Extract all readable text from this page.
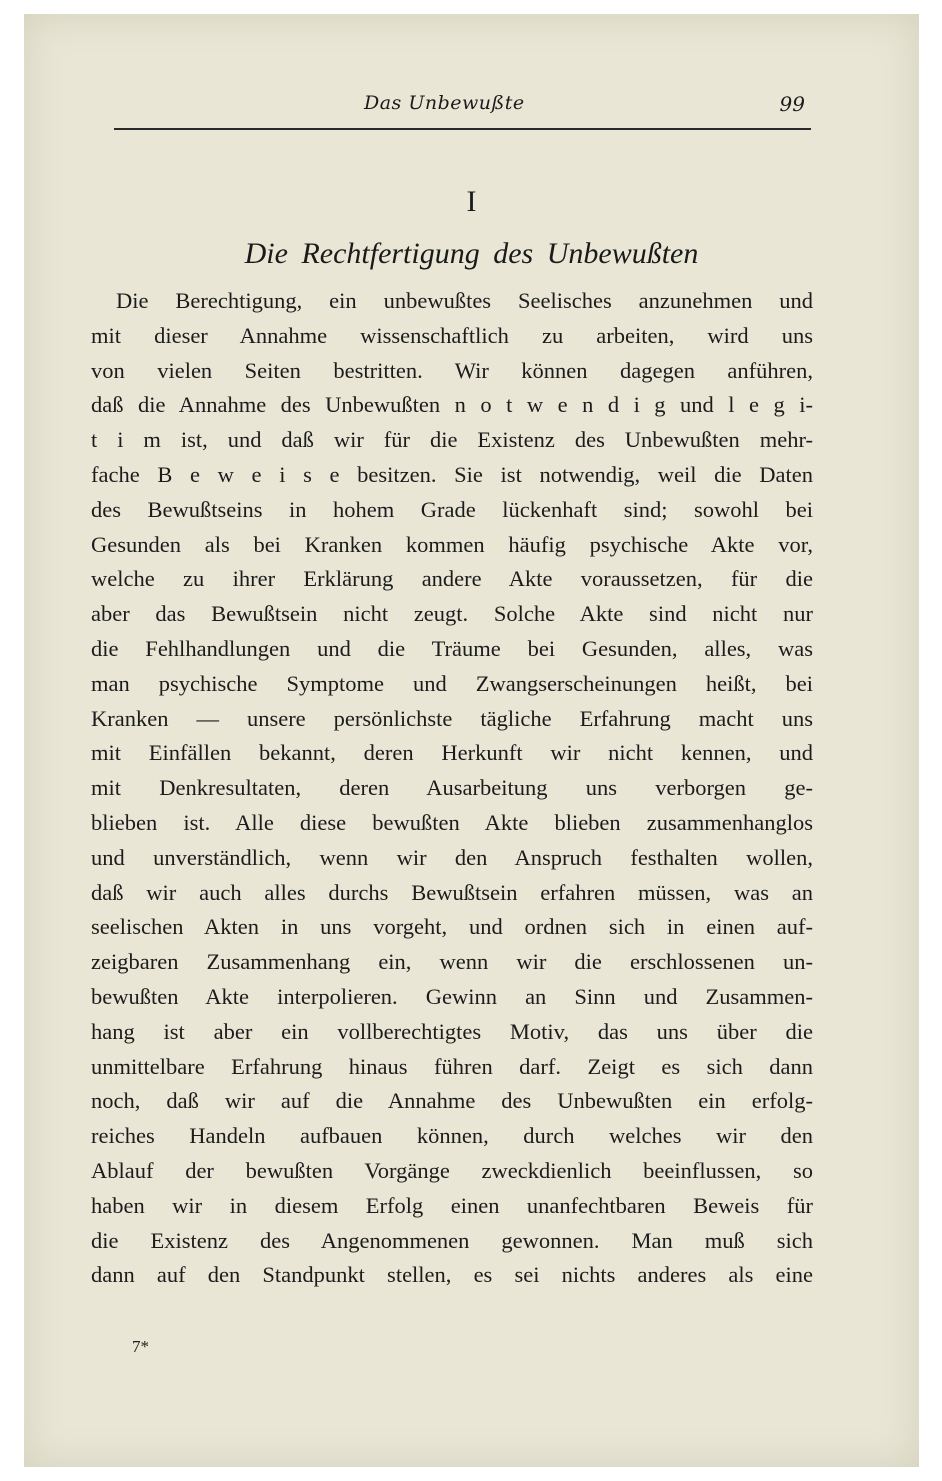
Das Unbewußte	99
I
Die Rechtfertigung des Unbewußten
Die Berechtigung, ein unbewußtes Seelisches anzunehmen und
mit dieser Annahme wissenschaftlich zu arbeiten, wird uns
von vielen Seiten bestritten. Wir können dagegen anführen,
daß die Annahme des Unbewußten n o t w e n d i g und l e g i-
t i m ist, und daß wir für die Existenz des Unbewußten mehr-
fache B e w e i s e besitzen. Sie ist notwendig, weil die Daten
des Bewußtseins in hohem Grade lückenhaft sind; sowohl bei
Gesunden als bei Kranken kommen häufig psychische Akte vor,
welche zu ihrer Erklärung andere Akte voraussetzen, für die
aber das Bewußtsein nicht zeugt. Solche Akte sind nicht nur
die Fehlhandlungen und die Träume bei Gesunden, alles, was
man psychische Symptome und Zwangserscheinungen heißt, bei
Kranken — unsere persönlichste tägliche Erfahrung macht uns
mit Einfällen bekannt, deren Herkunft wir nicht kennen, und
mit Denkresultaten, deren Ausarbeitung uns verborgen ge-
blieben ist. Alle diese bewußten Akte blieben zusammenhanglos
und unverständlich, wenn wir den Anspruch festhalten wollen,
daß wir auch alles durchs Bewußtsein erfahren müssen, was an
seelischen Akten in uns vorgeht, und ordnen sich in einen auf-
zeigbaren Zusammenhang ein, wenn wir die erschlossenen un-
bewußten Akte interpolieren. Gewinn an Sinn und Zusammen-
hang ist aber ein vollberechtigtes Motiv, das uns über die
unmittelbare Erfahrung hinaus führen darf. Zeigt es sich dann
noch, daß wir auf die Annahme des Unbewußten ein erfolg-
reiches Handeln aufbauen können, durch welches wir den
Ablauf der bewußten Vorgänge zweckdienlich beeinflussen, so
haben wir in diesem Erfolg einen unanfechtbaren Beweis für
die Existenz des Angenommenen gewonnen. Man muß sich
dann auf den Standpunkt stellen, es sei nichts anderes als eine
7*
